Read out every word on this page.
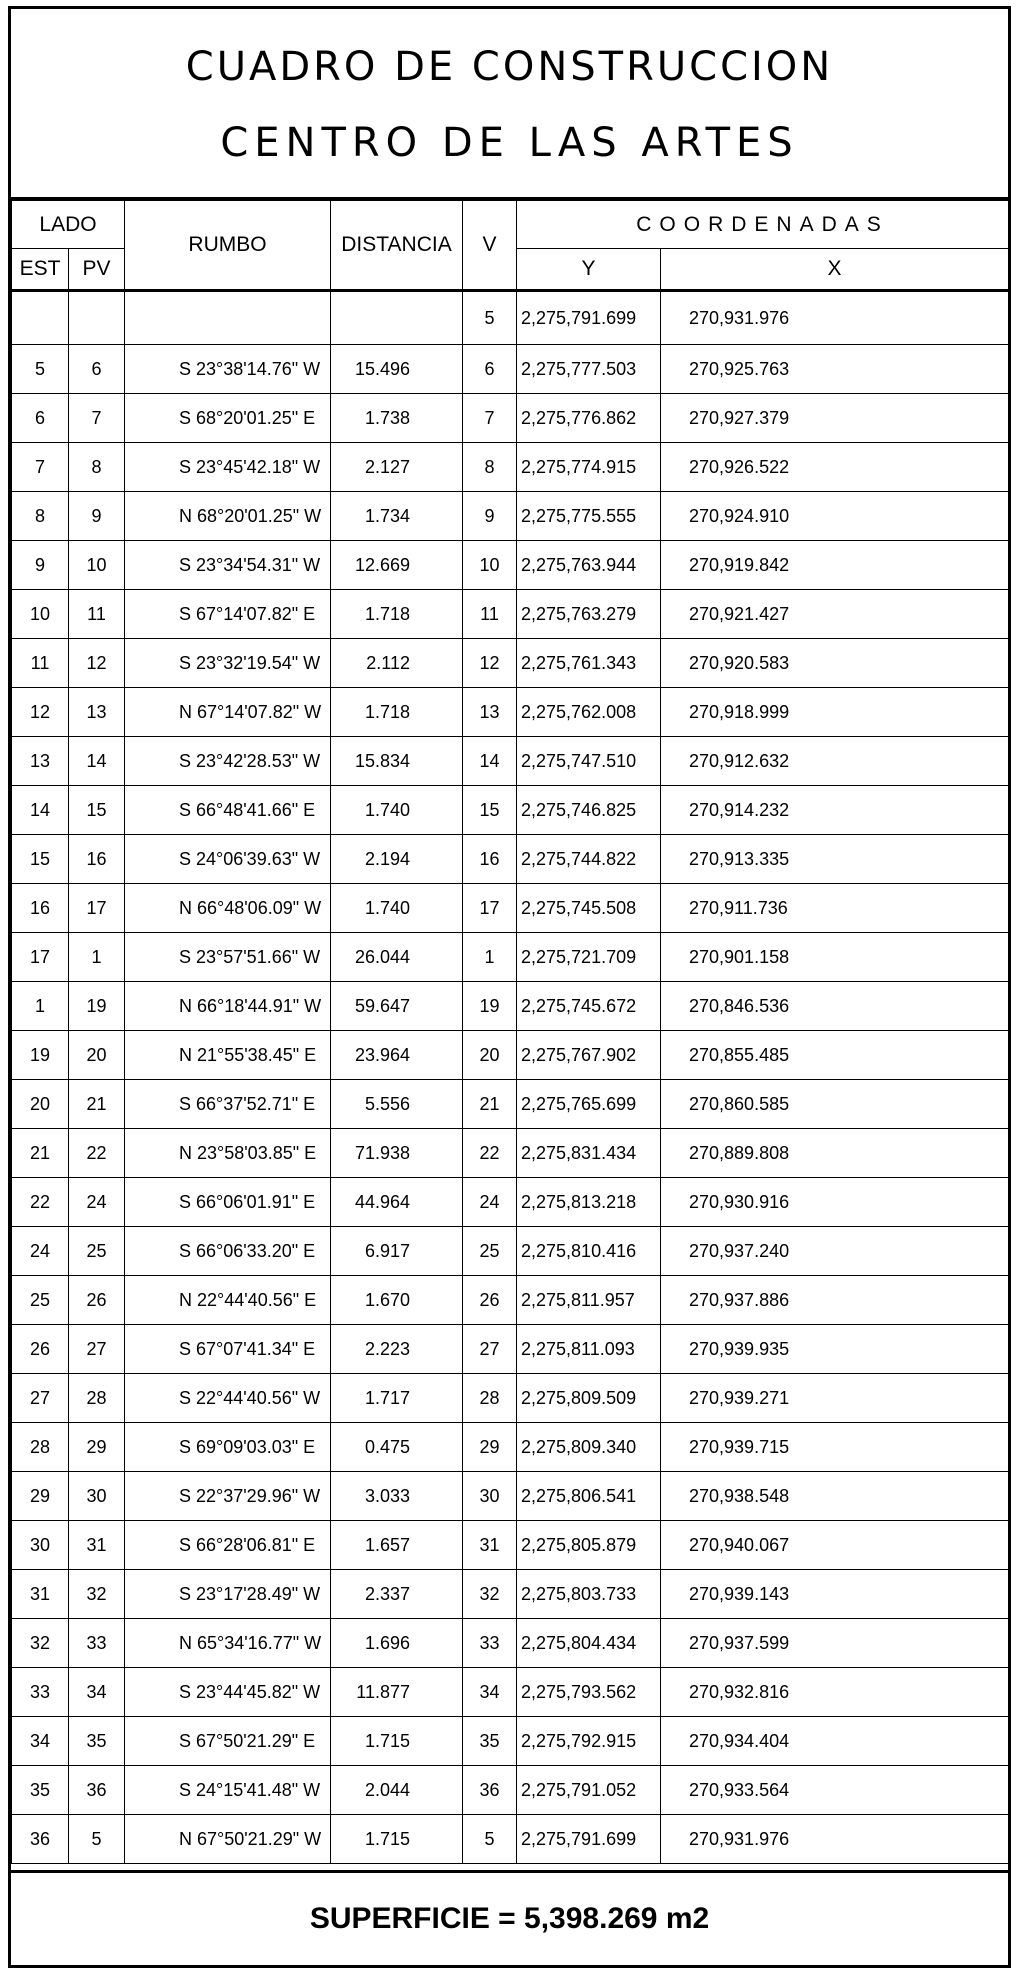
CUADRO DE CONSTRUCCION
CENTRO DE LAS ARTES
LADO		RUMBO	DISTANCIA	V	COORDENADAS	
EST	PV				Y	X
				5	2,275,791.699	270,931.976
5	6	S 23°38'14.76" W	15.496	6	2,275,777.503	270,925.763
6	7	S 68°20'01.25" E	1.738	7	2,275,776.862	270,927.379
7	8	S 23°45'42.18" W	2.127	8	2,275,774.915	270,926.522
8	9	N 68°20'01.25" W	1.734	9	2,275,775.555	270,924.910
9	10	S 23°34'54.31" W	12.669	10	2,275,763.944	270,919.842
10	11	S 67°14'07.82" E	1.718	11	2,275,763.279	270,921.427
11	12	S 23°32'19.54" W	2.112	12	2,275,761.343	270,920.583
12	13	N 67°14'07.82" W	1.718	13	2,275,762.008	270,918.999
13	14	S 23°42'28.53" W	15.834	14	2,275,747.510	270,912.632
14	15	S 66°48'41.66" E	1.740	15	2,275,746.825	270,914.232
15	16	S 24°06'39.63" W	2.194	16	2,275,744.822	270,913.335
16	17	N 66°48'06.09" W	1.740	17	2,275,745.508	270,911.736
17	1	S 23°57'51.66" W	26.044	1	2,275,721.709	270,901.158
1	19	N 66°18'44.91" W	59.647	19	2,275,745.672	270,846.536
19	20	N 21°55'38.45" E	23.964	20	2,275,767.902	270,855.485
20	21	S 66°37'52.71" E	5.556	21	2,275,765.699	270,860.585
21	22	N 23°58'03.85" E	71.938	22	2,275,831.434	270,889.808
22	24	S 66°06'01.91" E	44.964	24	2,275,813.218	270,930.916
24	25	S 66°06'33.20" E	6.917	25	2,275,810.416	270,937.240
25	26	N 22°44'40.56" E	1.670	26	2,275,811.957	270,937.886
26	27	S 67°07'41.34" E	2.223	27	2,275,811.093	270,939.935
27	28	S 22°44'40.56" W	1.717	28	2,275,809.509	270,939.271
28	29	S 69°09'03.03" E	0.475	29	2,275,809.340	270,939.715
29	30	S 22°37'29.96" W	3.033	30	2,275,806.541	270,938.548
30	31	S 66°28'06.81" E	1.657	31	2,275,805.879	270,940.067
31	32	S 23°17'28.49" W	2.337	32	2,275,803.733	270,939.143
32	33	N 65°34'16.77" W	1.696	33	2,275,804.434	270,937.599
33	34	S 23°44'45.82" W	11.877	34	2,275,793.562	270,932.816
34	35	S 67°50'21.29" E	1.715	35	2,275,792.915	270,934.404
35	36	S 24°15'41.48" W	2.044	36	2,275,791.052	270,933.564
36	5	N 67°50'21.29" W	1.715	5	2,275,791.699	270,931.976
SUPERFICIE = 5,398.269 m2
